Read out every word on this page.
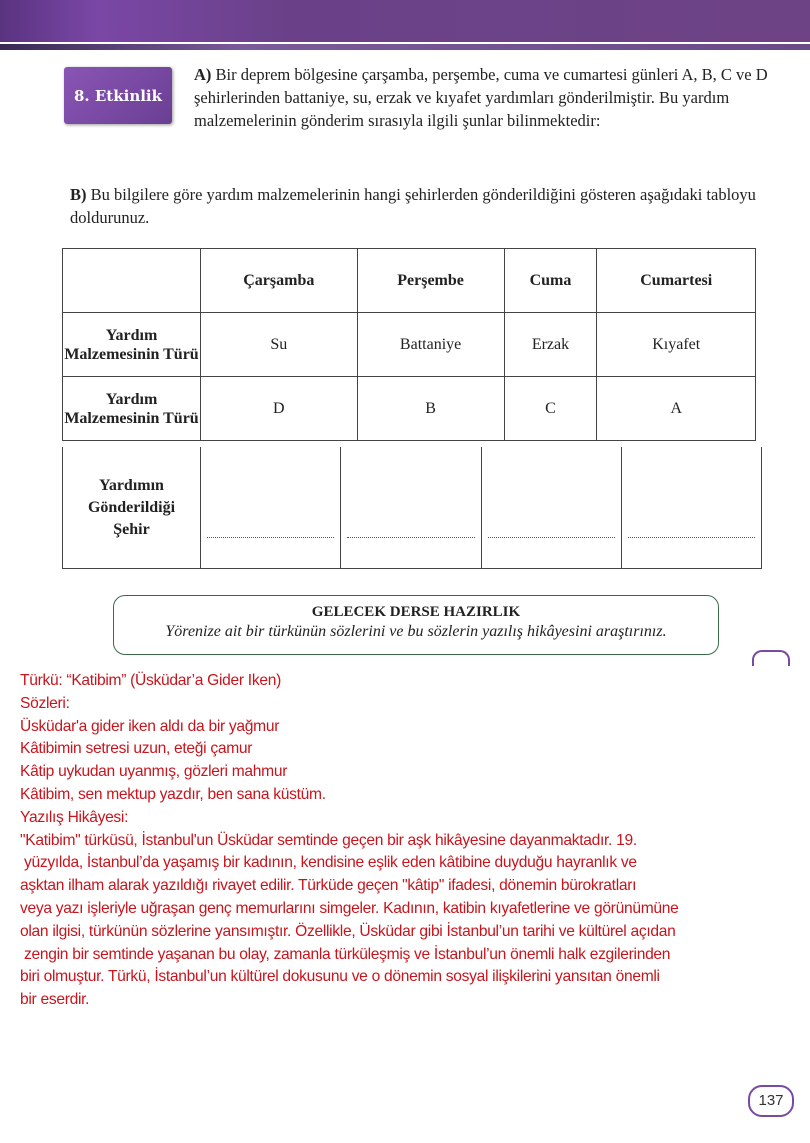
8. Etkinlik
A) Bir deprem bölgesine çarşamba, perşembe, cuma ve cumartesi günleri A, B, C ve D şehirlerinden battaniye, su, erzak ve kıyafet yardımları gönderilmiştir. Bu yardım malzemelerinin gönderim sırasıyla ilgili şunlar bilinmektedir:
B) Bu bilgilere göre yardım malzemelerinin hangi şehirlerden gönderildiğini gösteren aşağıdaki tabloyu doldurunuz.
	Çarşamba	Perşembe	Cuma	Cumartesi
Yardım Malzemesinin Türü	Su	Battaniye	Erzak	Kıyafet
Yardım Malzemesinin Türü	D	B	C	A
Yardımın Gönderildiği Şehir

GELECEK DERSE HAZIRLIK
Yörenize ait bir türkünün sözlerini ve bu sözlerin yazılış hikâyesini araştırınız.
Türkü: “Katibim” (Üsküdar’a Gider Iken)
Sözleri:
Üsküdar'a gider iken aldı da bir yağmur
Kâtibimin setresi uzun, eteği çamur
Kâtip uykudan uyanmış, gözleri mahmur
Kâtibim, sen mektup yazdır, ben sana küstüm.
Yazılış Hikâyesi:
"Katibim" türküsü, İstanbul'un Üsküdar semtinde geçen bir aşk hikâyesine dayanmaktadır. 19.
yüzyılda, İstanbul’da yaşamış bir kadının, kendisine eşlik eden kâtibine duyduğu hayranlık ve
aşktan ilham alarak yazıldığı rivayet edilir. Türküde geçen "kâtip" ifadesi, dönemin bürokratları
veya yazı işleriyle uğraşan genç memurlarını simgeler. Kadının, katibin kıyafetlerine ve görünümüne
olan ilgisi, türkünün sözlerine yansımıştır. Özellikle, Üsküdar gibi İstanbul’un tarihi ve kültürel açıdan
zengin bir semtinde yaşanan bu olay, zamanla türküleşmiş ve İstanbul’un önemli halk ezgilerinden
biri olmuştur. Türkü, İstanbul’un kültürel dokusunu ve o dönemin sosyal ilişkilerini yansıtan önemli
bir eserdir.
137
